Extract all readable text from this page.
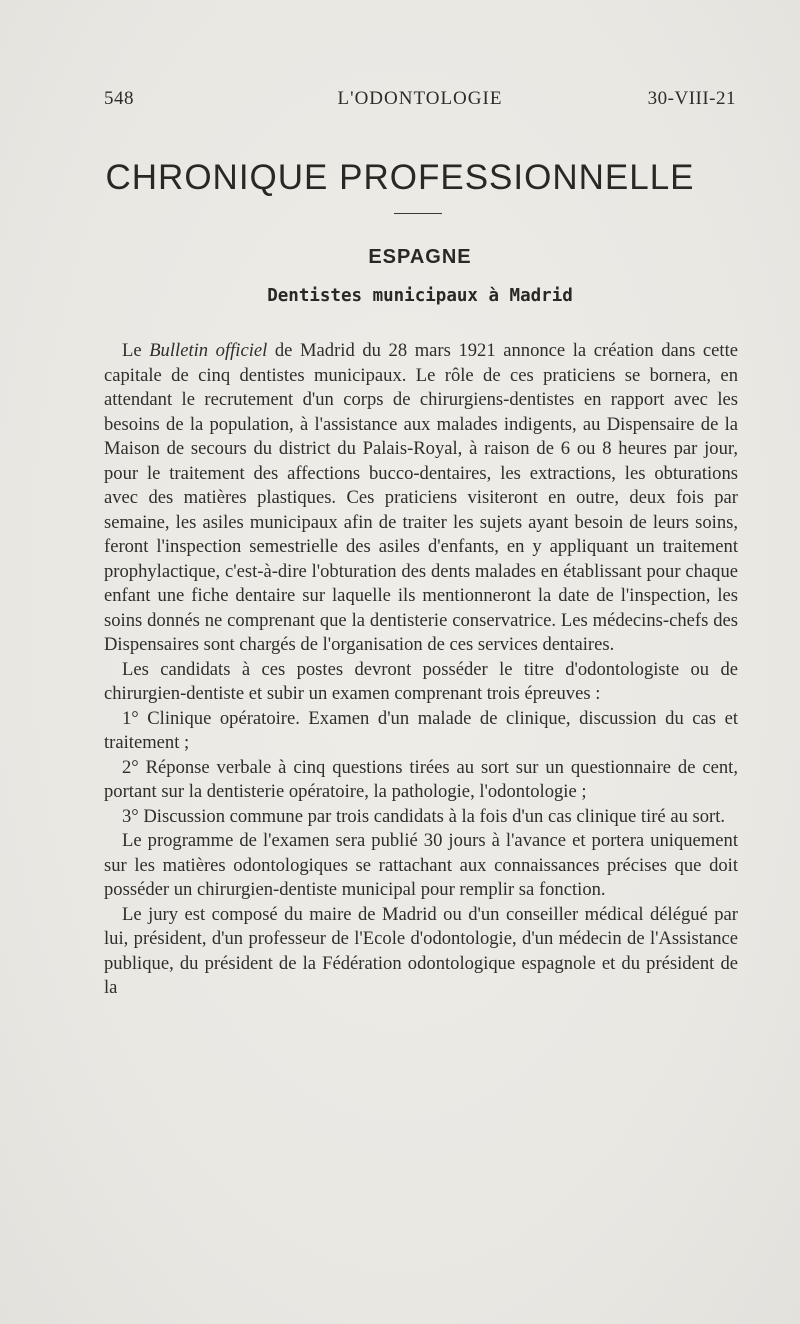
548	L'ODONTOLOGIE	30-VIII-21
CHRONIQUE PROFESSIONNELLE
ESPAGNE
Dentistes municipaux à Madrid

Le Bulletin officiel de Madrid du 28 mars 1921 annonce la création dans cette capitale de cinq dentistes municipaux. Le rôle de ces praticiens se bornera, en attendant le recrutement d'un corps de chirurgiens-dentistes en rapport avec les besoins de la population, à l'assistance aux malades indigents, au Dispensaire de la Maison de secours du district du Palais-Royal, à raison de 6 ou 8 heures par jour, pour le traitement des affections bucco-dentaires, les extractions, les obturations avec des matières plastiques. Ces praticiens visiteront en outre, deux fois par semaine, les asiles municipaux afin de traiter les sujets ayant besoin de leurs soins, feront l'inspection semestrielle des asiles d'enfants, en y appliquant un traitement prophylactique, c'est-à-dire l'obturation des dents malades en établissant pour chaque enfant une fiche dentaire sur laquelle ils mentionneront la date de l'inspection, les soins donnés ne comprenant que la dentisterie conservatrice. Les médecins-chefs des Dispensaires sont chargés de l'organisation de ces services dentaires.

Les candidats à ces postes devront posséder le titre d'odontologiste ou de chirurgien-dentiste et subir un examen comprenant trois épreuves :

1° Clinique opératoire. Examen d'un malade de clinique, discussion du cas et traitement ;

2° Réponse verbale à cinq questions tirées au sort sur un questionnaire de cent, portant sur la dentisterie opératoire, la pathologie, l'odontologie ;

3° Discussion commune par trois candidats à la fois d'un cas clinique tiré au sort.

Le programme de l'examen sera publié 30 jours à l'avance et portera uniquement sur les matières odontologiques se rattachant aux connaissances précises que doit posséder un chirurgien-dentiste municipal pour remplir sa fonction.

Le jury est composé du maire de Madrid ou d'un conseiller médical délégué par lui, président, d'un professeur de l'Ecole d'odontologie, d'un médecin de l'Assistance publique, du président de la Fédération odontologique espagnole et du président de la
